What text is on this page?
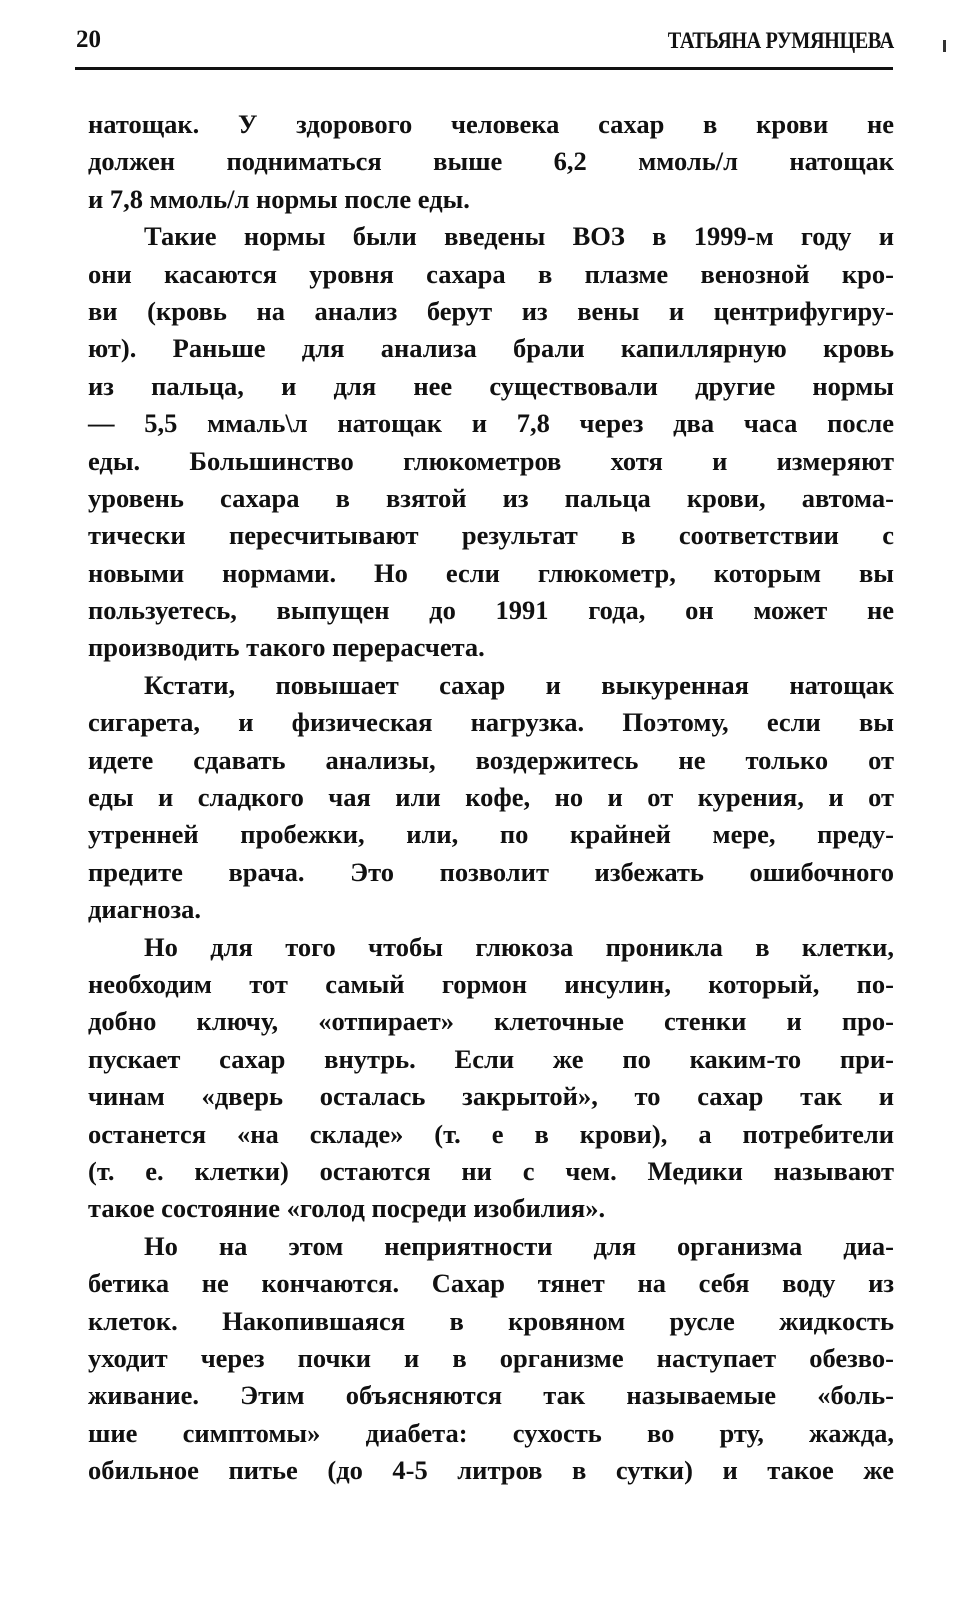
20	ТАТЬЯНА РУМЯНЦЕВА
натощак. У здорового человека сахар в крови не
должен подниматься выше 6,2 ммоль/л натощак
и 7,8 ммоль/л нормы после еды.
Такие нормы были введены ВОЗ в 1999-м году и
они касаются уровня сахара в плазме венозной кро-
ви (кровь на анализ берут из вены и центрифугиру-
ют). Раньше для анализа брали капиллярную кровь
из пальца, и для нее существовали другие нормы
— 5,5 ммаль\л натощак и 7,8 через два часа после
еды. Большинство глюкометров хотя и измеряют
уровень сахара в взятой из пальца крови, автома-
тически пересчитывают результат в соответствии с
новыми нормами. Но если глюкометр, которым вы
пользуетесь, выпущен до 1991 года, он может не
производить такого перерасчета.
Кстати, повышает сахар и выкуренная натощак
сигарета, и физическая нагрузка. Поэтому, если вы
идете сдавать анализы, воздержитесь не только от
еды и сладкого чая или кофе, но и от курения, и от
утренней пробежки, или, по крайней мере, преду-
предите врача. Это позволит избежать ошибочного
диагноза.
Но для того чтобы глюкоза проникла в клетки,
необходим тот самый гормон инсулин, который, по-
добно ключу, «отпирает» клеточные стенки и про-
пускает сахар внутрь. Если же по каким-то при-
чинам «дверь осталась закрытой», то сахар так и
останется «на складе» (т. е в крови), а потребители
(т. е. клетки) остаются ни с чем. Медики называют
такое состояние «голод посреди изобилия».
Но на этом неприятности для организма диа-
бетика не кончаются. Сахар тянет на себя воду из
клеток. Накопившаяся в кровяном русле жидкость
уходит через почки и в организме наступает обезво-
живание. Этим объясняются так называемые «боль-
шие симптомы» диабета: сухость во рту, жажда,
обильное питье (до 4-5 литров в сутки) и такое же
